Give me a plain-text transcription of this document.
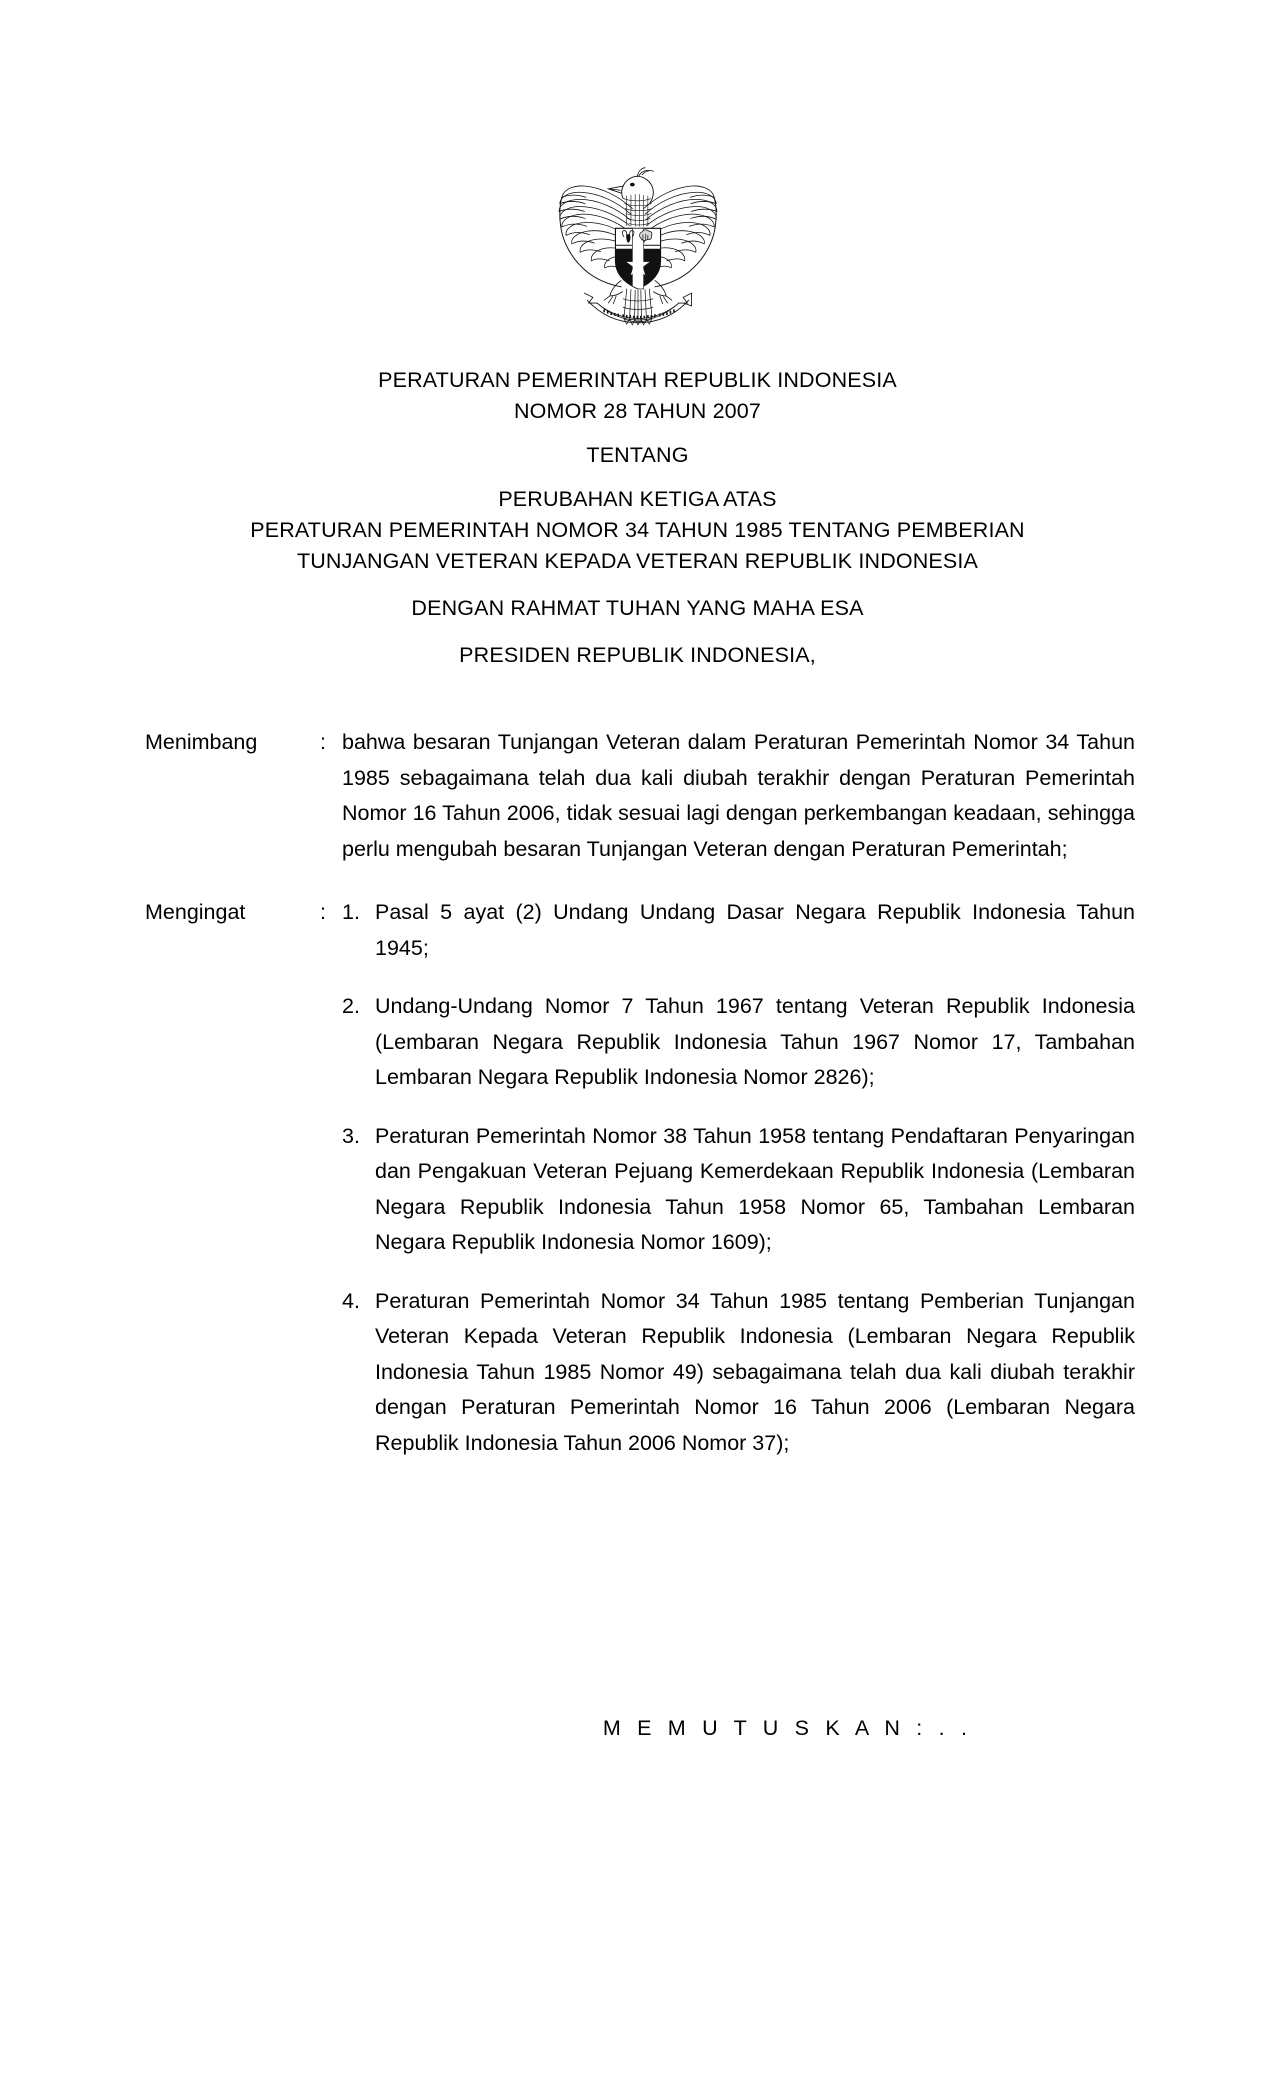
PERATURAN PEMERINTAH REPUBLIK INDONESIA
NOMOR 28 TAHUN 2007
TENTANG
PERUBAHAN KETIGA ATAS
PERATURAN PEMERINTAH NOMOR 34 TAHUN 1985 TENTANG PEMBERIAN
TUNJANGAN VETERAN KEPADA VETERAN REPUBLIK INDONESIA
DENGAN RAHMAT TUHAN YANG MAHA ESA
PRESIDEN REPUBLIK INDONESIA,
Menimbang	: bahwa besaran Tunjangan Veteran dalam Peraturan Pemerintah Nomor 34 Tahun 1985 sebagaimana telah dua kali diubah terakhir dengan Peraturan Pemerintah Nomor 16 Tahun 2006, tidak sesuai lagi dengan perkembangan keadaan, sehingga perlu mengubah besaran Tunjangan Veteran dengan Peraturan Pemerintah;

Mengingat	: 1. Pasal 5 ayat (2) Undang Undang Dasar Negara Republik Indonesia Tahun 1945;

2. Undang-Undang Nomor 7 Tahun 1967 tentang Veteran Republik Indonesia (Lembaran Negara Republik Indonesia Tahun 1967 Nomor 17, Tambahan Lembaran Negara Republik Indonesia Nomor 2826);

3. Peraturan Pemerintah Nomor 38 Tahun 1958 tentang Pendaftaran Penyaringan dan Pengakuan Veteran Pejuang Kemerdekaan Republik Indonesia (Lembaran Negara Republik Indonesia Tahun 1958 Nomor 65, Tambahan Lembaran Negara Republik Indonesia Nomor 1609);

4. Peraturan Pemerintah Nomor 34 Tahun 1985 tentang Pemberian Tunjangan Veteran Kepada Veteran Republik Indonesia (Lembaran Negara Republik Indonesia Tahun 1985 Nomor 49) sebagaimana telah dua kali diubah terakhir dengan Peraturan Pemerintah Nomor 16 Tahun 2006 (Lembaran Negara Republik Indonesia Tahun 2006 Nomor 37);

M E M U T U S K A N : . .
